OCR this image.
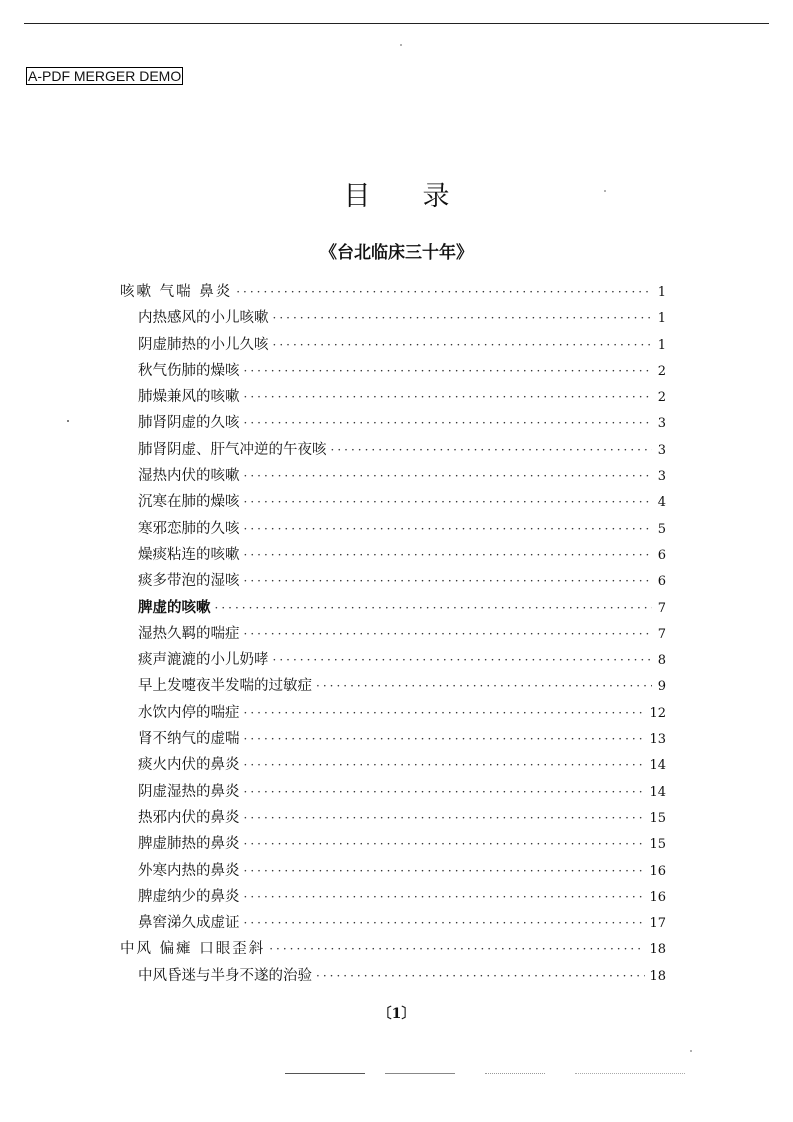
A-PDF MERGER DEMO
目录
《台北临床三十年》
咳嗽 气喘 鼻炎 ·····	1
内热感风的小儿咳嗽 ·····	1
阴虚肺热的小儿久咳 ·····	1
秋气伤肺的燥咳 ·····	2
肺燥兼风的咳嗽 ·····	2
肺肾阴虚的久咳 ·····	3
肺肾阴虚、肝气冲逆的午夜咳 ·····	3
湿热内伏的咳嗽 ·····	3
沉寒在肺的燥咳 ·····	4
寒邪恋肺的久咳 ·····	5
燥痰粘连的咳嗽 ·····	6
痰多带泡的湿咳 ·····	6
脾虚的咳嗽 ·····	7
湿热久羁的喘症 ·····	7
痰声漉漉的小儿奶哮 ·····	8
早上发嚏夜半发喘的过敏症 ·····	9
水饮内停的喘症 ·····	12
肾不纳气的虚喘 ·····	13
痰火内伏的鼻炎 ·····	14
阴虚湿热的鼻炎 ·····	14
热邪内伏的鼻炎 ·····	15
脾虚肺热的鼻炎 ·····	15
外寒内热的鼻炎 ·····	16
脾虚纳少的鼻炎 ·····	16
鼻窖涕久成虚证 ·····	17
中风 偏瘫 口眼歪斜 ·····	18
中风昏迷与半身不遂的治验 ·····	18
〔1〕
